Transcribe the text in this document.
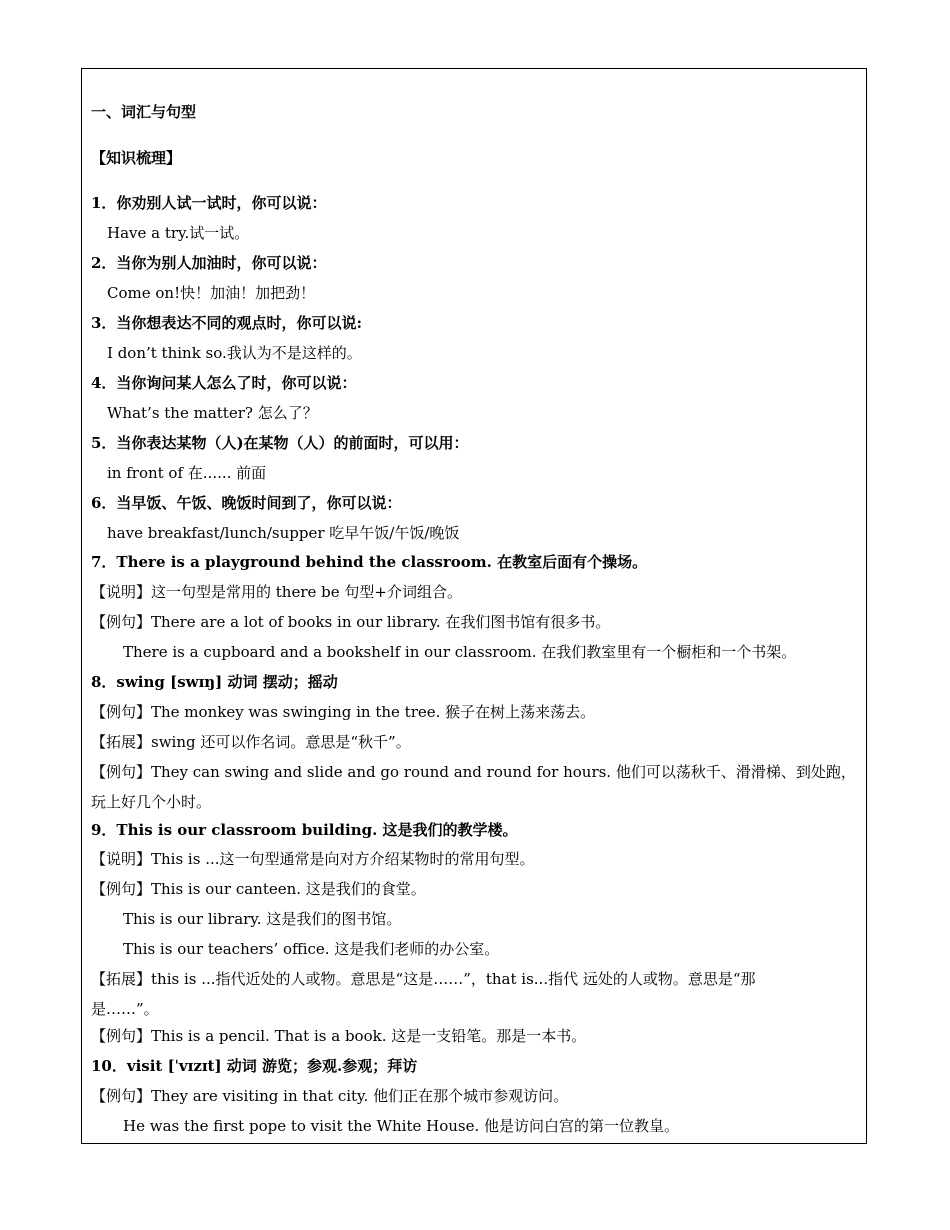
一、词汇与句型
【知识梳理】
1．你劝别人试一试时，你可以说：
Have a try.试一试。
2．当你为别人加油时，你可以说：
Come on!快！加油！加把劲！
3．当你想表达不同的观点时，你可以说:
I don’t think so.我认为不是这样的。
4．当你询问某人怎么了时，你可以说：
What’s the matter? 怎么了？
5．当你表达某物（人)在某物（人）的前面时，可以用：
in front of 在...... 前面
6．当早饭、午饭、晚饭时间到了，你可以说：
have breakfast/lunch/supper 吃早午饭/午饭/晚饭
7．There is a playground behind the classroom. 在教室后面有个操场。
【说明】这一句型是常用的 there be 句型+介词组合。
【例句】There are a lot of books in our library. 在我们图书馆有很多书。
There is a cupboard and a bookshelf in our classroom. 在我们教室里有一个橱柜和一个书架。
8．swing [swɪŋ] 动词 摆动；摇动
【例句】The monkey was swinging in the tree. 猴子在树上荡来荡去。
【拓展】swing 还可以作名词。意思是“秋千”。
【例句】They can swing and slide and go round and round for hours. 他们可以荡秋千、滑滑梯、到处跑，玩上好几个小时。
9．This is our classroom building. 这是我们的教学楼。
【说明】This is ...这一句型通常是向对方介绍某物时的常用句型。
【例句】This is our canteen. 这是我们的食堂。
This is our library. 这是我们的图书馆。
This is our teachers’ office. 这是我们老师的办公室。
【拓展】this is ...指代近处的人或物。意思是“这是……”，that is...指代 远处的人或物。意思是“那是……”。
【例句】This is a pencil. That is a book. 这是一支铅笔。那是一本书。
10．visit [ˈvɪzɪt] 动词 游览；参观.参观；拜访
【例句】They are visiting in that city. 他们正在那个城市参观访问。
He was the first pope to visit the White House. 他是访问白宫的第一位教皇。
